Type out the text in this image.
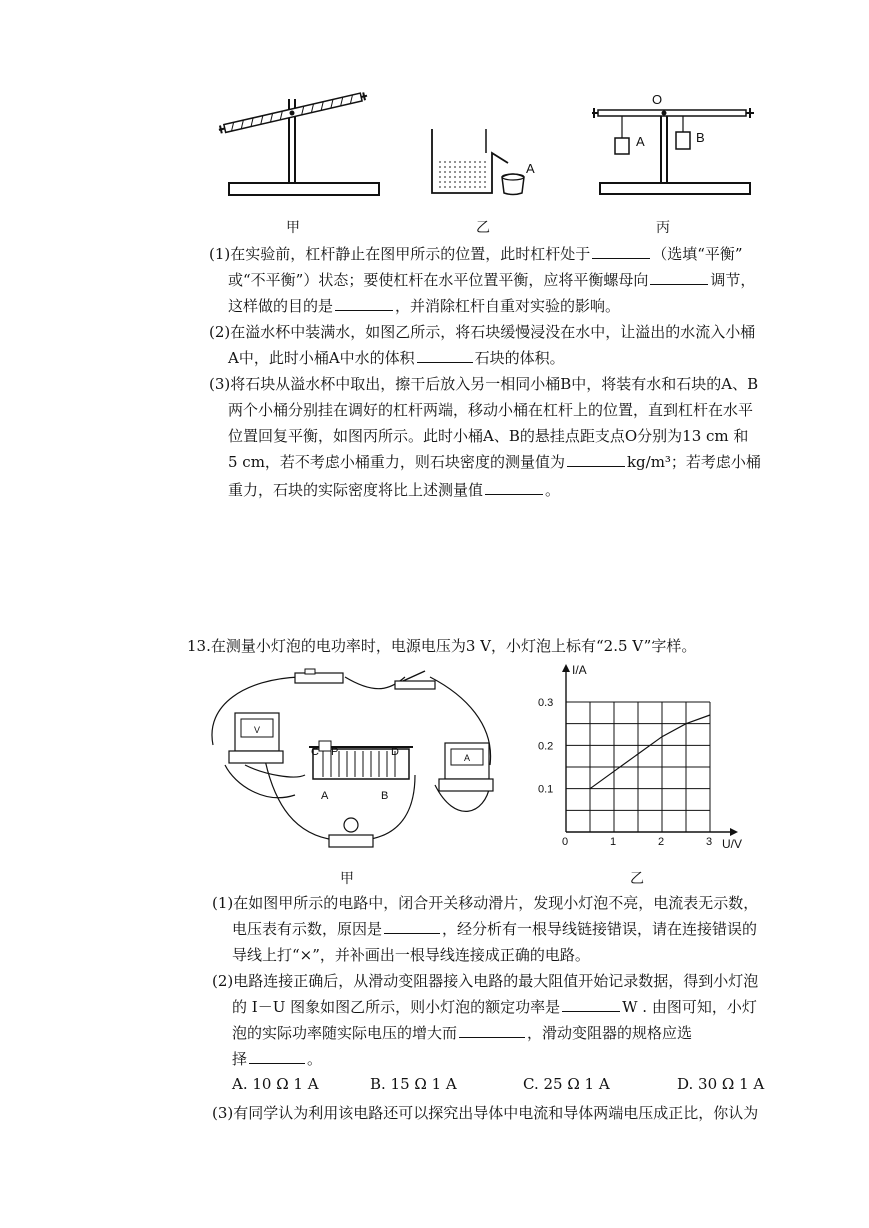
A
O
A	B
甲	乙	丙
(1)在实验前，杠杆静止在图甲所示的位置，此时杠杆处于	（选填“平衡”
或“不平衡”）状态；要使杠杆在水平位置平衡，应将平衡螺母向	调节，
这样做的目的是	，并消除杠杆自重对实验的影响。
(2)在溢水杯中装满水，如图乙所示，将石块缓慢浸没在水中，让溢出的水流入小桶
A中，此时小桶A中水的体积	石块的体积。
(3)将石块从溢水杯中取出，擦干后放入另一相同小桶B中，将装有水和石块的A、B
两个小桶分别挂在调好的杠杆两端，移动小桶在杠杆上的位置，直到杠杆在水平
位置回复平衡，如图丙所示。此时小桶A、B的悬挂点距支点O分别为13 cm 和
5 cm，若不考虑小桶重力，则石块密度的测量值为	kg/m³；若考虑小桶
重力，石块的实际密度将比上述测量值	。
13.在测量小灯泡的电功率时，电源电压为3 V，小灯泡上标有“2.5 V”字样。
V
A
C P	D
A	B
I/A
U/V
0	1	2	3
0.1
0.2
0.3
甲	乙
(1)在如图甲所示的电路中，闭合开关移动滑片，发现小灯泡不亮，电流表无示数，
电压表有示数，原因是	，经分析有一根导线链接错误，请在连接错误的
导线上打“×”，并补画出一根导线连接成正确的电路。
(2)电路连接正确后，从滑动变阻器接入电路的最大阻值开始记录数据，得到小灯泡
的 I－U 图象如图乙所示，则小灯泡的额定功率是	W . 由图可知，小灯
泡的实际功率随实际电压的增大而	，滑动变阻器的规格应选
择	。
A. 10 Ω 1 A	B. 15 Ω 1 A	C. 25 Ω 1 A	D. 30 Ω 1 A
(3)有同学认为利用该电路还可以探究出导体中电流和导体两端电压成正比，你认为
